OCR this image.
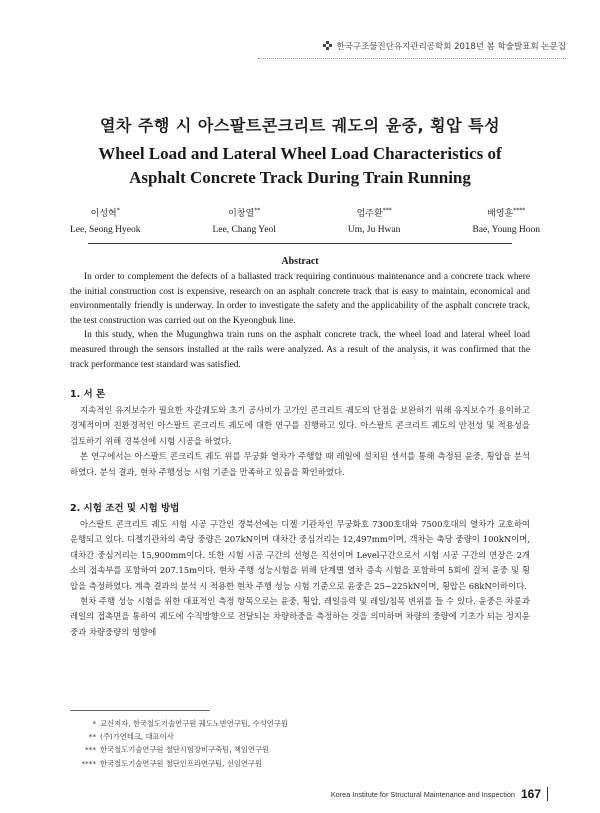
한국구조물진단유지관리공학회 2018년 봄 학술발표회 논문집
열차 주행 시 아스팔트콘크리트 궤도의 윤중, 횡압 특성
Wheel Load and Lateral Wheel Load Characteristics of
Asphalt Concrete Track During Train Running
이성혁*
Lee, Seong Hyeok
이창열**
Lee, Chang Yeol
엄주환***
Um, Ju Hwan
배영훈****
Bae, Young Hoon
Abstract

In order to complement the defects of a ballasted track requiring continuous maintenance and a concrete track where the initial construction cost is expensive, research on an asphalt concrete track that is easy to maintain, economical and environmentally friendly is underway. In order to investigate the safety and the applicability of the asphalt concrete track, the test construction was carried out on the Kyeongbuk line.

In this study, when the Mugunghwa train runs on the asphalt concrete track, the wheel load and lateral wheel load measured through the sensors installed at the rails were analyzed. As a result of the analysis, it was confirmed that the track performance test standard was satisfied.

1. 서 론

지속적인 유지보수가 필요한 자갈궤도와 초기 공사비가 고가인 콘크리트 궤도의 단점을 보완하기 위해 유지보수가 용이하고 경제적이며 친환경적인 아스팔트 콘크리트 궤도에 대한 연구를 진행하고 있다. 아스팔트 콘크리트 궤도의 안전성 및 적용성을 검토하기 위해 경북선에 시험 시공을 하였다.

본 연구에서는 아스팔트 콘크리트 궤도 위를 무궁화 열차가 주행할 때 레일에 설치된 센서를 통해 측정된 윤중, 횡압을 분석하였다. 분석 결과, 현차 주행성능 시험 기준을 만족하고 있음을 확인하였다.

2. 시험 조건 및 시험 방법

아스팔트 콘크리트 궤도 시험 시공 구간인 경북선에는 디젤 기관차인 무궁화호 7300호대와 7500호대의 열차가 교호하여 운행되고 있다. 디젤기관차의 축당 중량은 207kN이며 대차간 중심거리는 12,497mm이며, 객차는 축당 중량이 100kN이며, 대차간 중심거리는 15,900mm이다. 또한 시험 시공 구간의 선형은 직선이며 Level구간으로서 시험 시공 구간의 연장은 2개소의 접속부를 포함하여 207.15m이다. 현차 주행 성능시험을 위해 단계별 열차 증속 시험을 포함하여 5회에 걸쳐 윤중 및 횡압을 측정하였다. 계측 결과의 분석 시 적용한 현차 주행 성능 시험 기준으로 윤중은 25~225kN이며, 횡압은 68kN이하이다.

현차 주행 성능 시험을 위한 대표적인 측정 항목으로는 윤중, 횡압, 레일응력 및 레일/침목 변위를 들 수 있다. 윤중은 차륜과 레일의 접촉면을 통하여 궤도에 수직방향으로 전달되는 차량하중을 측정하는 것을 의미하며 차량의 중량에 기초가 되는 정지윤중과 차량중량의 영향에

* 교신저자, 한국철도기술연구원 궤도노반연구팀, 수석연구원
** (주)가연테크, 대표이사
*** 한국철도기술연구원 철단시험장비구축팀, 책임연구원
**** 한국철도기술연구원 철단인프라연구팀, 선임연구원
Korea Institute for Structural Maintenance and Inspection 167
